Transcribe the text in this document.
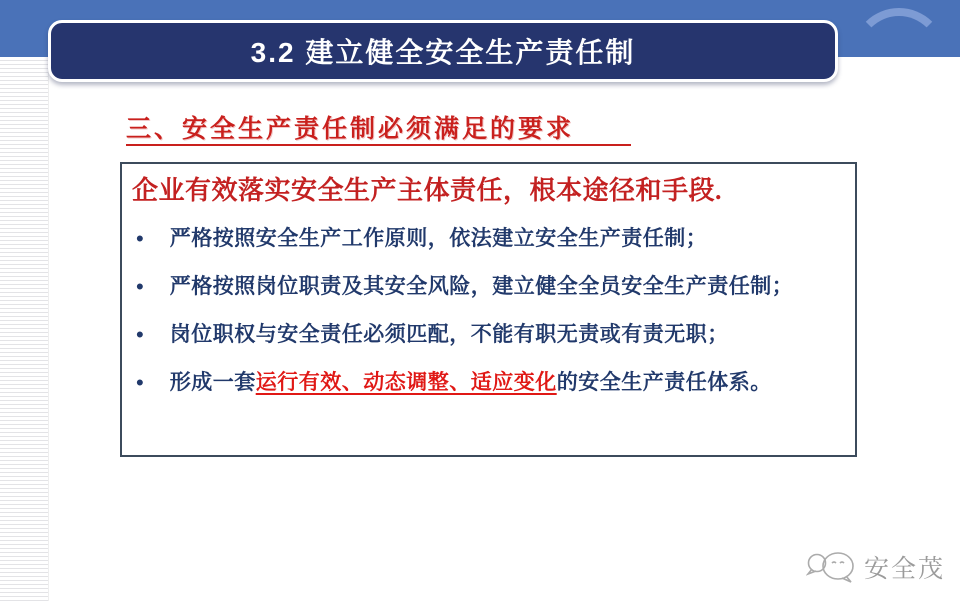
3.2 建立健全安全生产责任制
三、安全生产责任制必须满足的要求
企业有效落实安全生产主体责任，根本途径和手段.
• 严格按照安全生产工作原则，依法建立安全生产责任制；
• 严格按照岗位职责及其安全风险，建立健全全员安全生产责任制；
• 岗位职权与安全责任必须匹配，不能有职无责或有责无职；
• 形成一套运行有效、动态调整、适应变化的安全生产责任体系。
安全茂
